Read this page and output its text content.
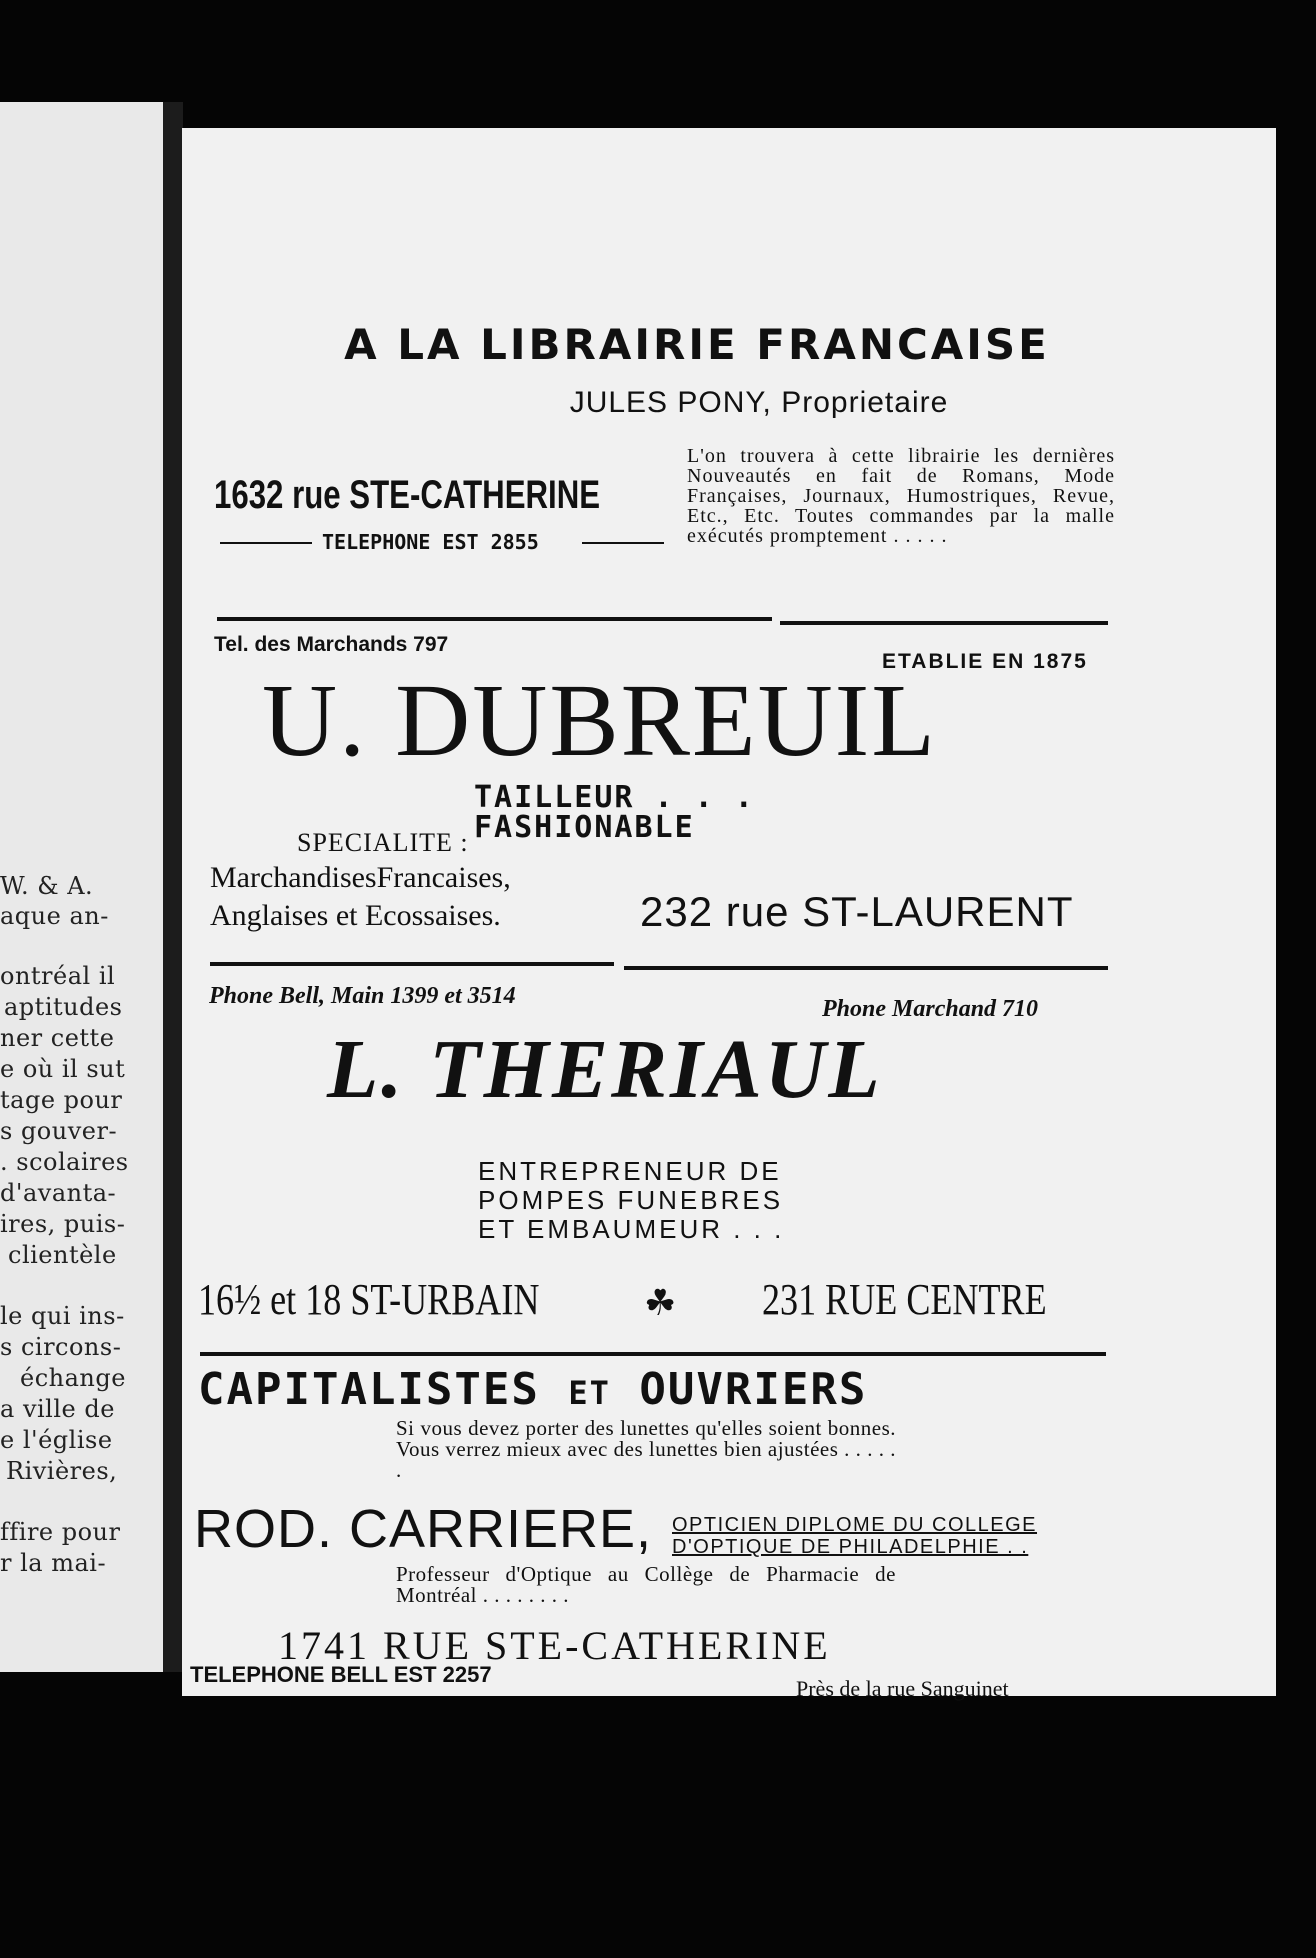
W. & A.
aque an-
ontréal il
aptitudes
ner cette
e où il sut
tage pour
s gouver-
. scolaires
d'avanta-
ires, puis-
clientèle
le qui ins-
s circons-
échange
a ville de
e l'église
Rivières,
ffire pour
r la mai-
A LA LIBRAIRIE FRANCAISE
JULES PONY, Proprietaire
1632 rue STE-CATHERINE
TELEPHONE EST 2855
L'on trouvera à cette librairie les dernières Nouveautés en fait de Romans, Mode Françaises, Journaux, Humostriques, Revue, Etc., Etc. Toutes commandes par la malle exécutés promptement . . . . .
Tel. des Marchands 797
ETABLIE EN 1875
U. DUBREUIL
TAILLEUR . . .
FASHIONABLE
SPECIALITE :
MarchandisesFrancaises,
Anglaises et Ecossaises.	232 rue ST-LAURENT
Phone Bell, Main 1399 et 3514	Phone Marchand 710
L. THERIAUL
ENTREPRENEUR DE
POMPES FUNEBRES
ET EMBAUMEUR . . .
16½ et 18 ST-URBAIN	☘ 231 RUE CENTRE
CAPITALISTES ET OUVRIERS
Si vous devez porter des lunettes qu'elles soient bonnes. Vous verrez mieux avec des lunettes bien ajustées . . . . . .
ROD. CARRIERE, OPTICIEN DIPLOME DU COLLEGE
D'OPTIQUE DE PHILADELPHIE . .
Professeur d'Optique au Collège de Pharmacie de Montréal . . . . . . . .
1741 RUE STE-CATHERINE
TELEPHONE BELL EST 2257
Près de la rue Sanguinet
